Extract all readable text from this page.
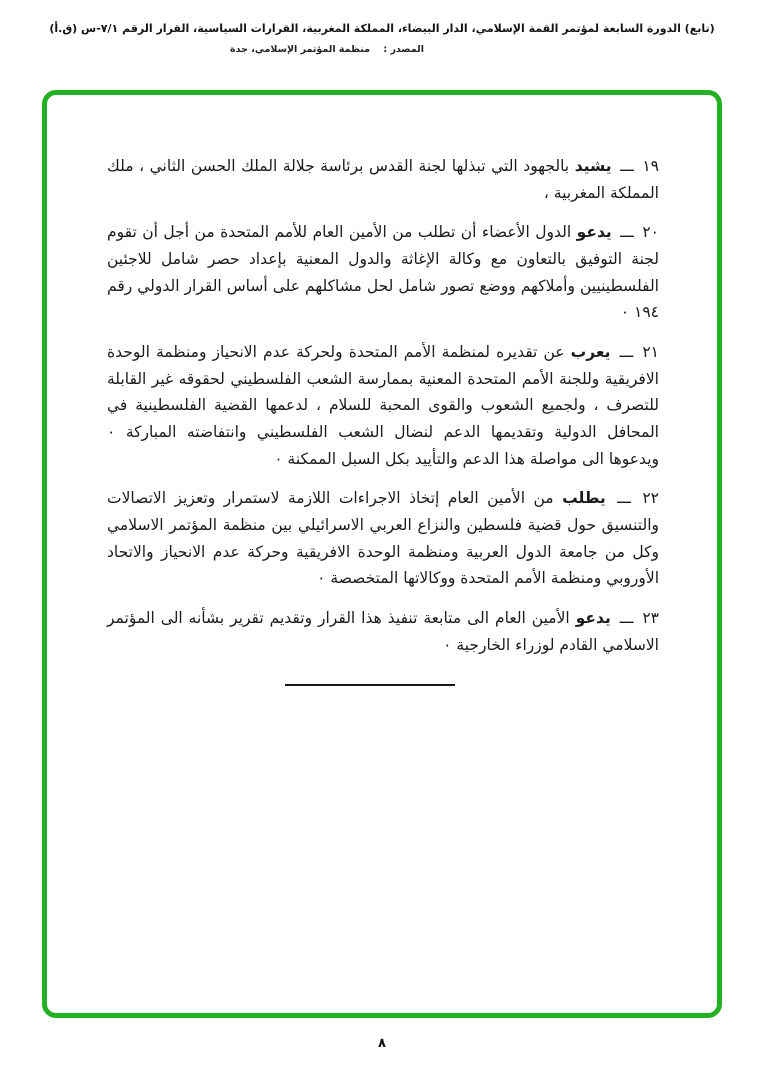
(تابع) الدورة السابعة لمؤتمر القمة الإسلامي، الدار البيضاء، المملكة المغربية، القرارات السياسية، القرار الرقم ٧/١-س (ق.أ)
المصدر : منظمة المؤتمر الإسلامي، جدة
١٩ ـــ يشيد بالجهود التي تبذلها لجنة القدس برئاسة جلالة الملك الحسن الثاني ، ملك المملكة المغربية ،
٢٠ ـــ يدعو الدول الأعضاء أن تطلب من الأمين العام للأمم المتحدة من أجل أن تقوم لجنة التوفيق بالتعاون مع وكالة الإغاثة والدول المعنية بإعداد حصر شامل للاجئين الفلسطينيين وأملاكهم ووضع تصور شامل لحل مشاكلهم على أساس القرار الدولي رقم ١٩٤ ٠
٢١ ـــ يعرب عن تقديره لمنظمة الأمم المتحدة ولحركة عدم الانحياز ومنظمة الوحدة الافريقية وللجنة الأمم المتحدة المعنية بممارسة الشعب الفلسطيني لحقوقه غير القابلة للتصرف ، ولجميع الشعوب والقوى المحبة للسلام ، لدعمها القضية الفلسطينية في المحافل الدولية وتقديمها الدعم لنضال الشعب الفلسطيني وانتفاضته المباركة ٠ ويدعوها الى مواصلة هذا الدعم والتأييد بكل السبل الممكنة ٠
٢٢ ـــ يطلب من الأمين العام إتخاذ الاجراءات اللازمة لاستمرار وتعزيز الاتصالات والتنسيق حول قضية فلسطين والنزاع العربي الاسرائيلي بين منظمة المؤتمر الاسلامي وكل من جامعة الدول العربية ومنظمة الوحدة الافريقية وحركة عدم الانحياز والاتحاد الأوروبي ومنظمة الأمم المتحدة ووكالاتها المتخصصة ٠
٢٣ ـــ يدعو الأمين العام الى متابعة تنفيذ هذا القرار وتقديم تقرير بشأنه الى المؤتمر الاسلامي القادم لوزراء الخارجية ٠
٨
